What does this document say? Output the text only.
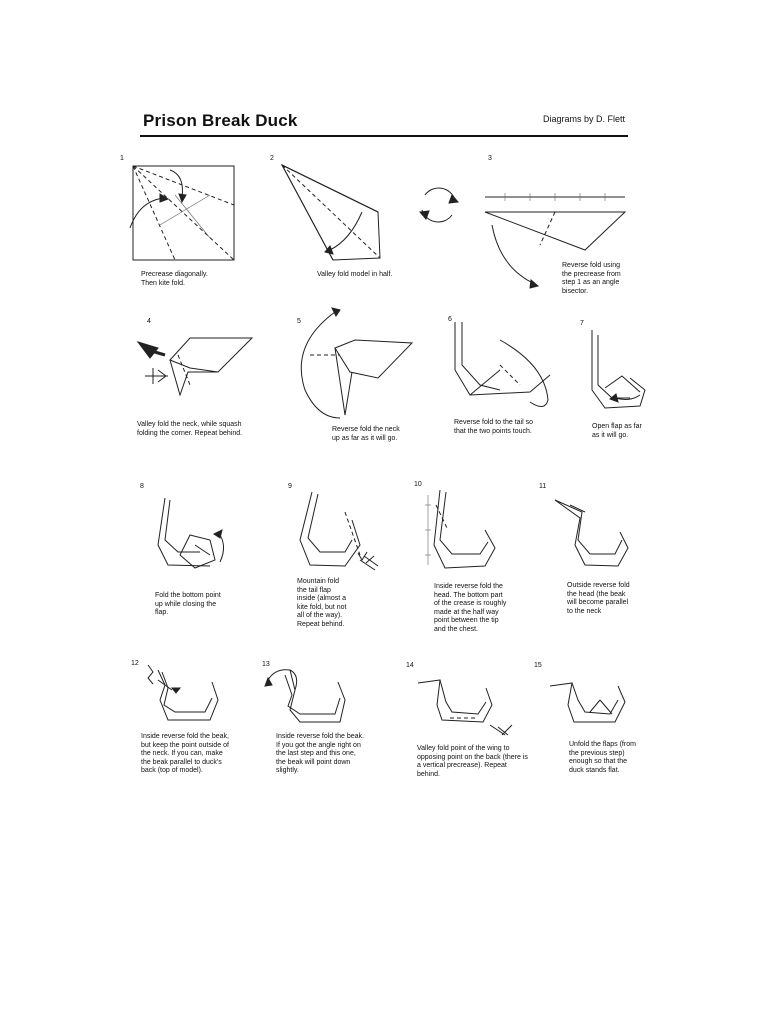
Prison Break Duck	Diagrams by D. Flett
1	2	3
4	5	6
7
8	9	10	11
12	13	14	15
Precrease diagonally.
Then kite fold.
Valley fold model in half.
Reverse fold using
the precrease from
step 1 as an angle
bisector.
Valley fold the neck, while squash
folding the corner. Repeat behind.
Reverse fold the neck
up as far as it will go.
Reverse fold to the tail so
that the two points touch.
Open flap as far
as it will go.
Fold the bottom point
up while closing the
flap.
Mountain fold
the tail flap
inside (almost a
kite fold, but not
all of the way).
Repeat behind.
Inside reverse fold the
head. The bottom part
of the crease is roughly
made at the half way
point between the tip
and the chest.
Outside reverse fold
the head (the beak
will become parallel
to the neck
Inside reverse fold the beak,
but keep the point outside of
the neck. If you can, make
the beak parallel to duck's
back (top of model).
Inside reverse fold the beak.
If you got the angle right on
the last step and this one,
the beak will point down
slightly.
Valley fold point of the wing to
opposing point on the back (there is
a vertical precrease). Repeat
behind.
Unfold the flaps (from
the previous step)
enough so that the
duck stands flat.
